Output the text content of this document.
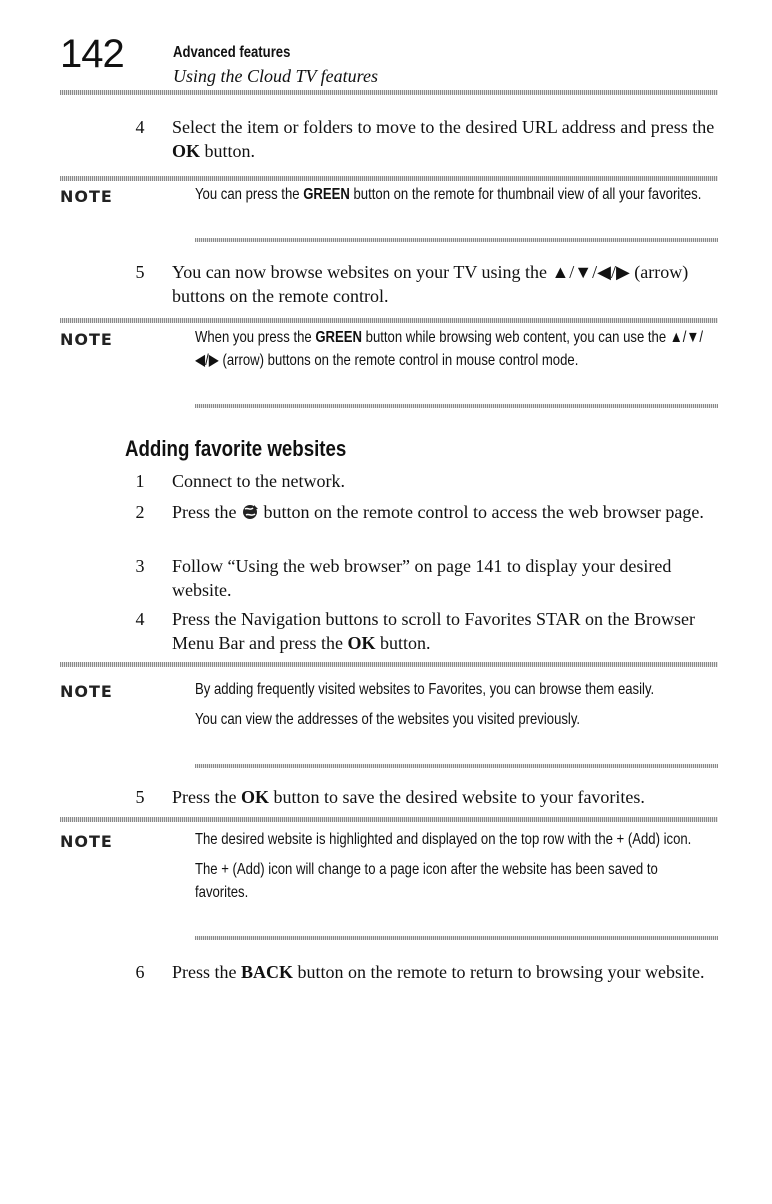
142	Advanced features
Using the Cloud TV features
4	Select the item or folders to move to the desired URL address and press the OK button.
NOTE	You can press the GREEN button on the remote for thumbnail view of all your favorites.
5	You can now browse websites on your TV using the ▲/▼/◀/▶ (arrow) buttons on the remote control.
NOTE	When you press the GREEN button while browsing web content, you can use the ▲/▼/◀/▶ (arrow) buttons on the remote control in mouse control mode.
Adding favorite websites
1	Connect to the network.
2	Press the  button on the remote control to access the web browser page.
3	Follow “Using the web browser” on page 141 to display your desired website.
4	Press the Navigation buttons to scroll to Favorites STAR on the Browser Menu Bar and press the OK button.
NOTE	By adding frequently visited websites to Favorites, you can browse them easily.

You can view the addresses of the websites you visited previously.

5	Press the OK button to save the desired website to your favorites.
NOTE	The desired website is highlighted and displayed on the top row with the + (Add) icon.

The + (Add) icon will change to a page icon after the website has been saved to favorites.

6	Press the BACK button on the remote to return to browsing your website.
